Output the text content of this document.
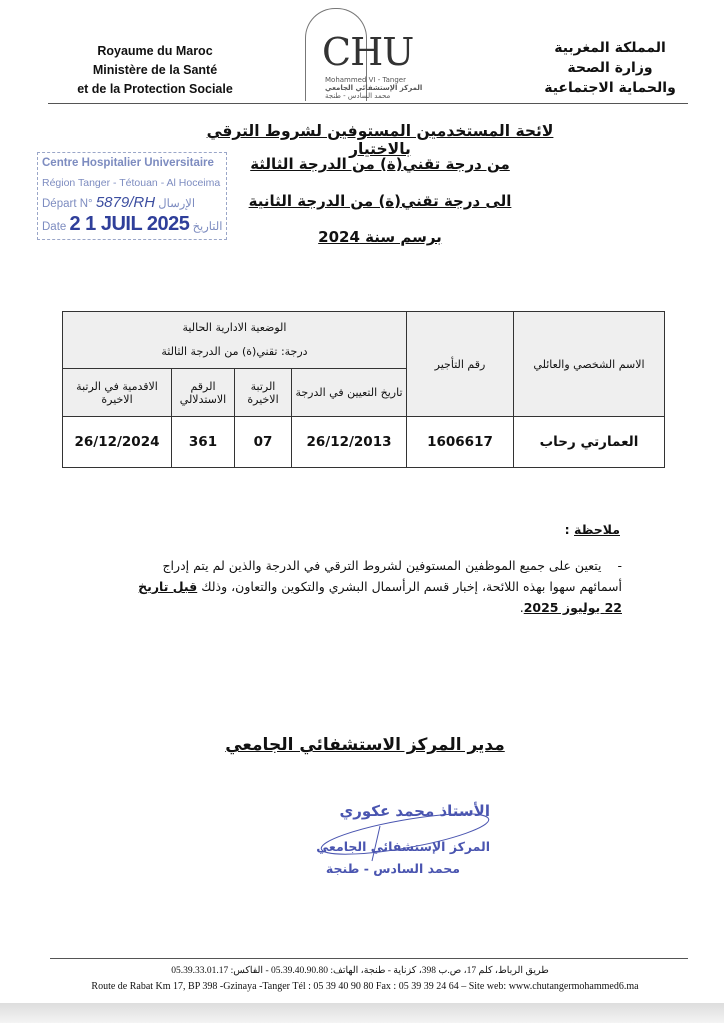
Royaume du Maroc
Ministère de la Santé
et de la Protection Sociale
CHU
Mohammed VI - Tanger
المركز الإستشفائي الجامعي
محمد السادس - طنجة
المملكة المغربية
وزارة الصحة
والحماية الاجتماعية
لائحة المستخدمين المستوفين لشروط الترقي بالاختيار
من درجة تقني(ة) من الدرجة الثالثة
الى درجة تقني(ة) من الدرجة الثانية
برسم سنة 2024
Centre Hospitalier Universitaire
Région Tanger - Tétouan - Al Hoceima
Départ N° 5879/RH الإرسال
Date 2 1 JUIL 2025 التاريخ
الاسم الشخصي والعائلي	رقم التأجير	الوضعية الادارية الحالية
درجة: تقني(ة) من الدرجة الثالثة			

		تاريخ التعيين في الدرجة	الرتبة الاخيرة	الرقم الاستدلالي	الاقدمية في الرتبة الاخيرة
العمارتي رحاب	1606617	26/12/2013	07	361	26/12/2024
ملاحظة :
- يتعين على جميع الموظفين المستوفين لشروط الترقي في الدرجة والذين لم يتم إدراج أسمائهم سهوا بهذه اللائحة، إخبار قسم الرأسمال البشري والتكوين والتعاون، وذلك قبل تاريخ 22 يوليوز 2025.
مدير المركز الاستشفائي الجامعي
الأستاذ محمد عكوري
المركز الإستشفائي الجامعي
محمد السادس - طنجة
طريق الرباط، كلم 17، ص.ب 398، كزناية - طنجة، الهاتف: 05.39.40.90.80 - الفاكس: 05.39.33.01.17
Route de Rabat Km 17, BP 398 -Gzinaya -Tanger Tél : 05 39 40 90 80 Fax : 05 39 39 24 64 – Site web: www.chutangermohammed6.ma
